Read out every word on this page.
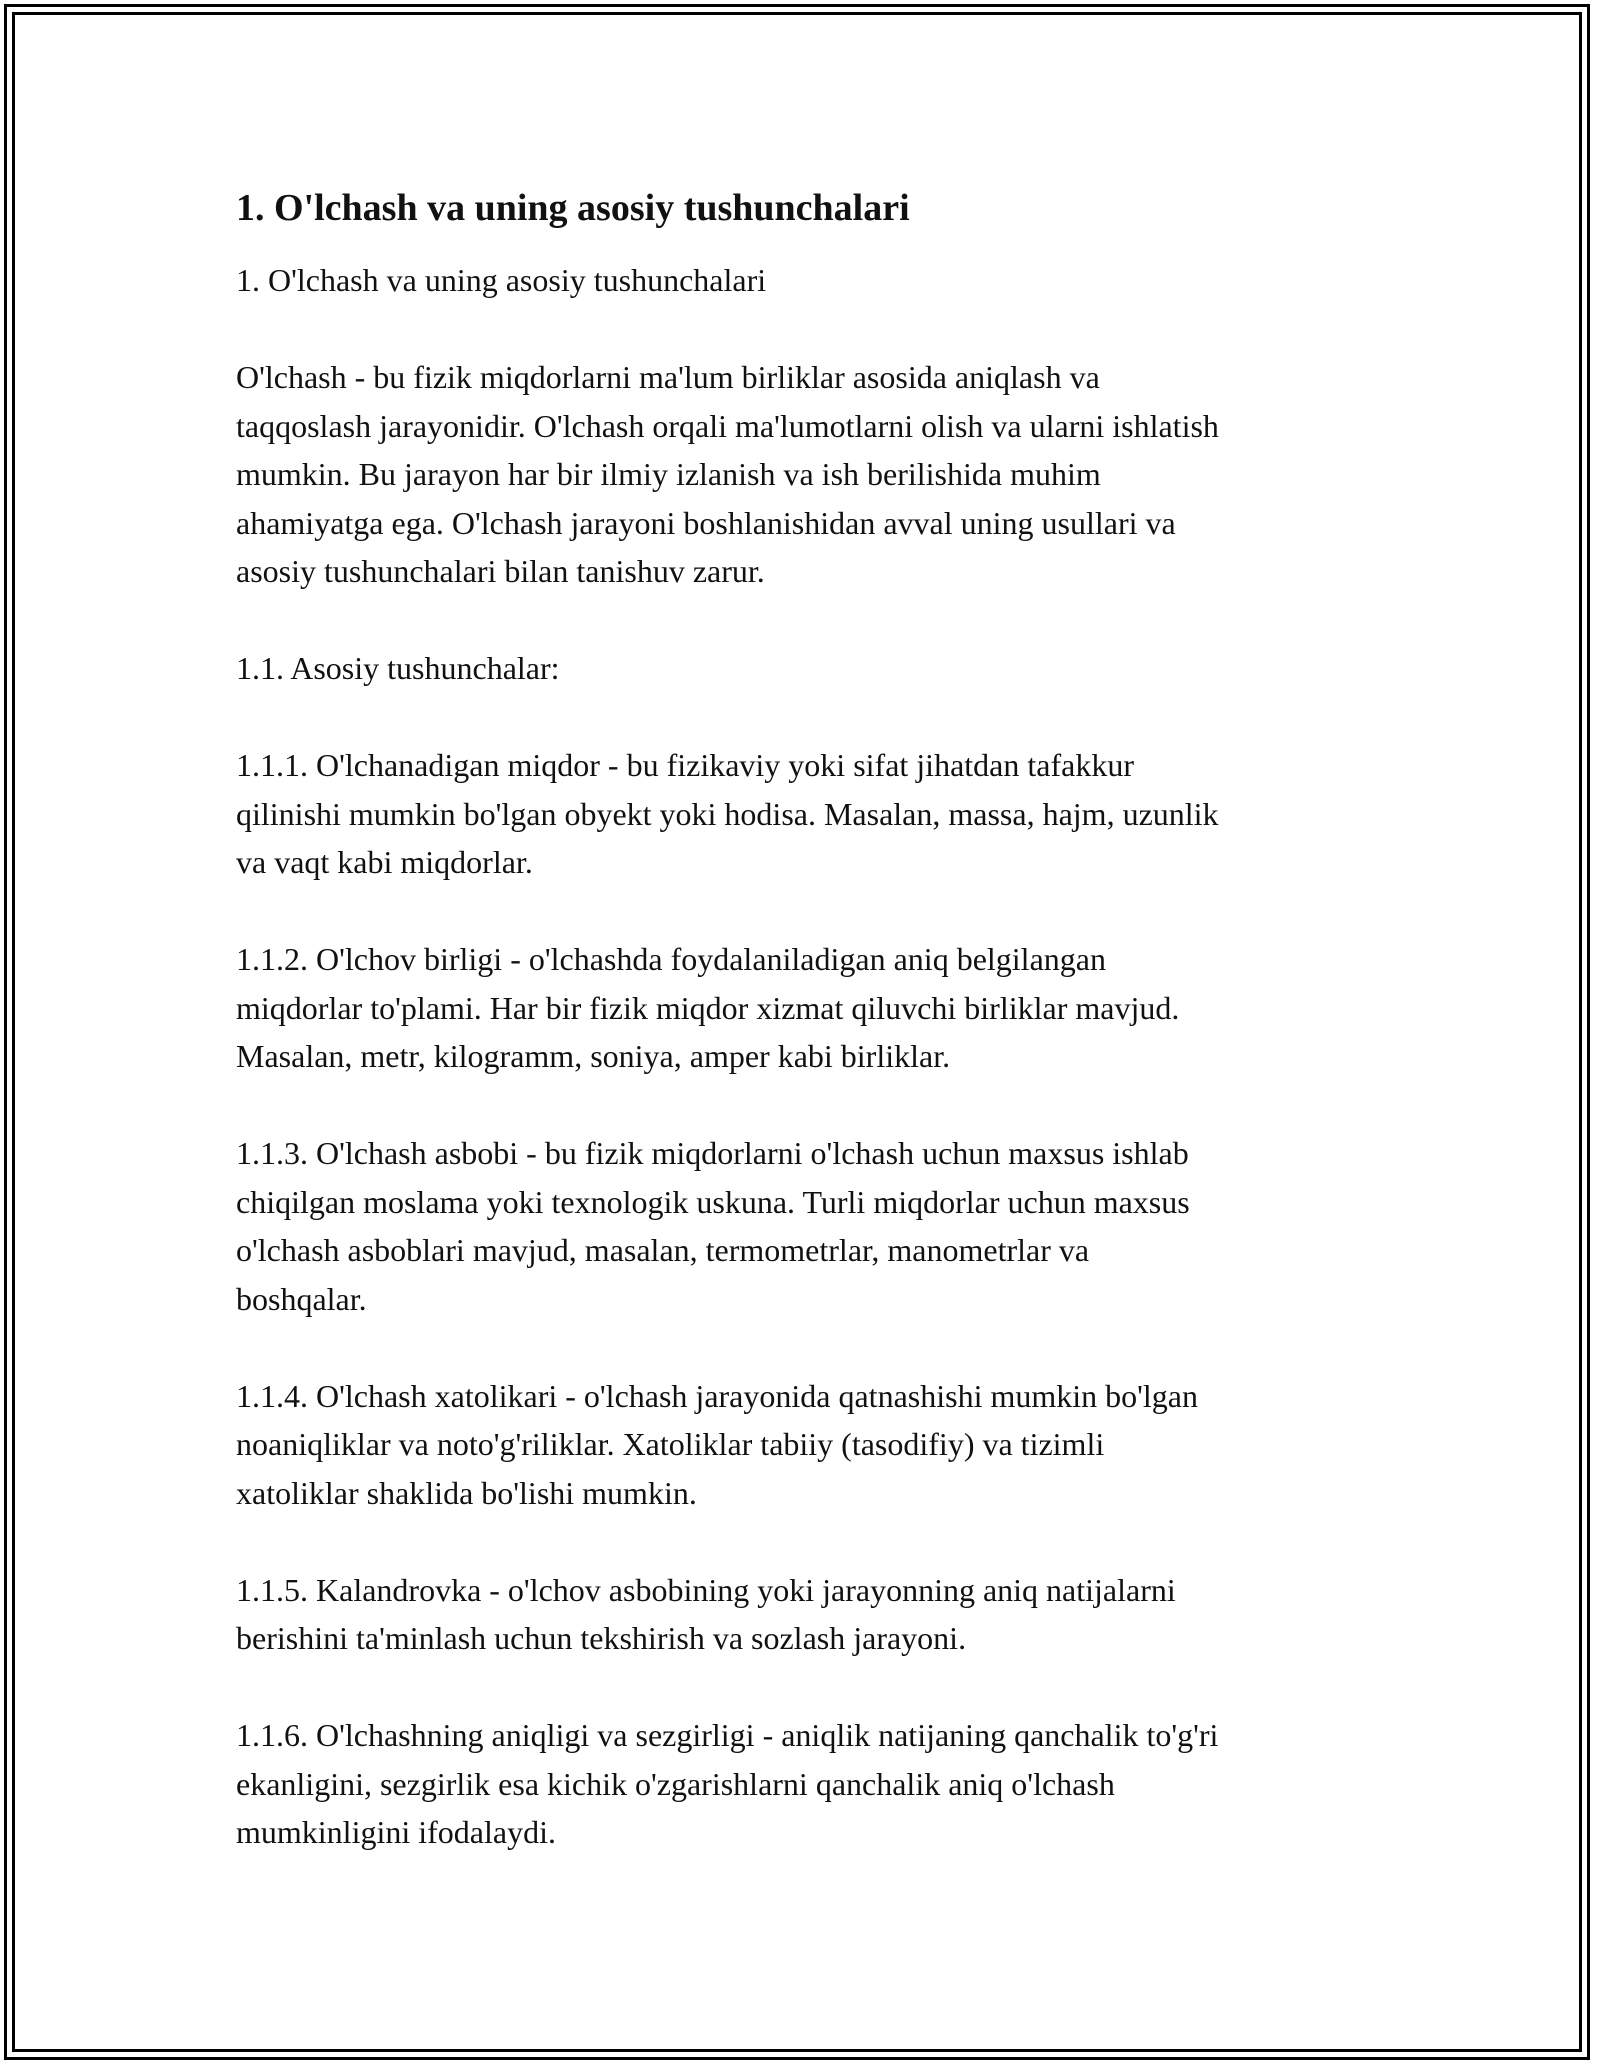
1. O'lchash va uning asosiy tushunchalari

1. O'lchash va uning asosiy tushunchalari

O'lchash - bu fizik miqdorlarni ma'lum birliklar asosida aniqlash va
taqqoslash jarayonidir. O'lchash orqali ma'lumotlarni olish va ularni ishlatish
mumkin. Bu jarayon har bir ilmiy izlanish va ish berilishida muhim
ahamiyatga ega. O'lchash jarayoni boshlanishidan avval uning usullari va
asosiy tushunchalari bilan tanishuv zarur.

1.1. Asosiy tushunchalar:

1.1.1. O'lchanadigan miqdor - bu fizikaviy yoki sifat jihatdan tafakkur
qilinishi mumkin bo'lgan obyekt yoki hodisa. Masalan, massa, hajm, uzunlik
va vaqt kabi miqdorlar.

1.1.2. O'lchov birligi - o'lchashda foydalaniladigan aniq belgilangan
miqdorlar to'plami. Har bir fizik miqdor xizmat qiluvchi birliklar mavjud.
Masalan, metr, kilogramm, soniya, amper kabi birliklar.

1.1.3. O'lchash asbobi - bu fizik miqdorlarni o'lchash uchun maxsus ishlab
chiqilgan moslama yoki texnologik uskuna. Turli miqdorlar uchun maxsus
o'lchash asboblari mavjud, masalan, termometrlar, manometrlar va
boshqalar.

1.1.4. O'lchash xatolikari - o'lchash jarayonida qatnashishi mumkin bo'lgan
noaniqliklar va noto'g'riliklar. Xatoliklar tabiiy (tasodifiy) va tizimli
xatoliklar shaklida bo'lishi mumkin.

1.1.5. Kalandrovka - o'lchov asbobining yoki jarayonning aniq natijalarni
berishini ta'minlash uchun tekshirish va sozlash jarayoni.

1.1.6. O'lchashning aniqligi va sezgirligi - aniqlik natijaning qanchalik to'g'ri
ekanligini, sezgirlik esa kichik o'zgarishlarni qanchalik aniq o'lchash
mumkinligini ifodalaydi.
